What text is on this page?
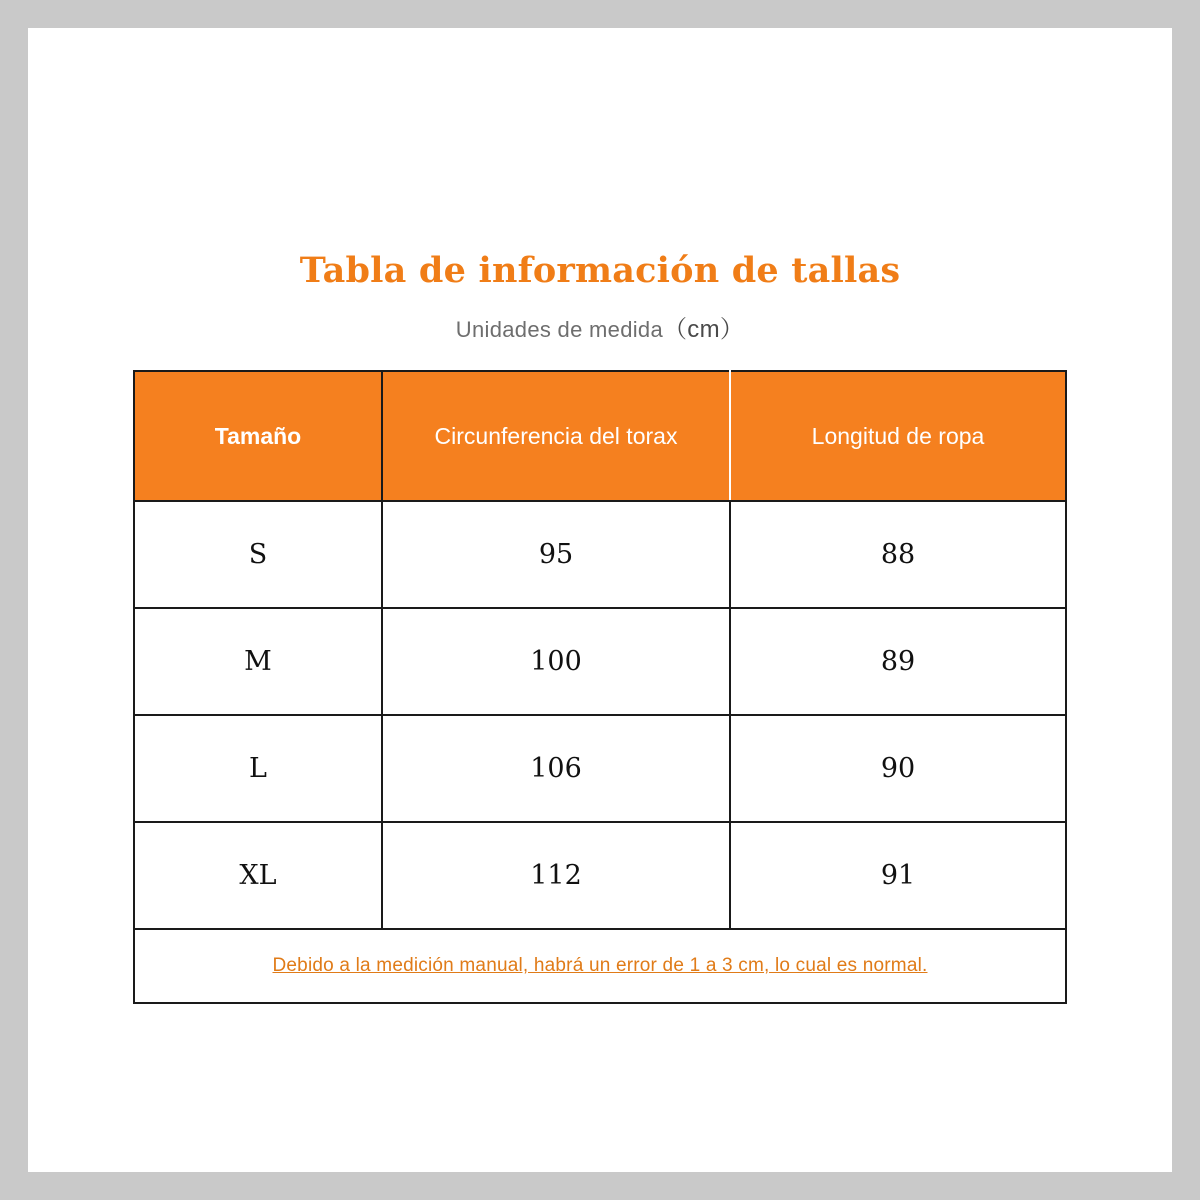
Tabla de información de tallas
Unidades de medida（cm）
Tamaño	Circunferencia del torax	Longitud de ropa
S	95	88
M	100	89
L	106	90
XL	112	91
Debido a la medición manual, habrá un error de 1 a 3 cm, lo cual es normal.		
